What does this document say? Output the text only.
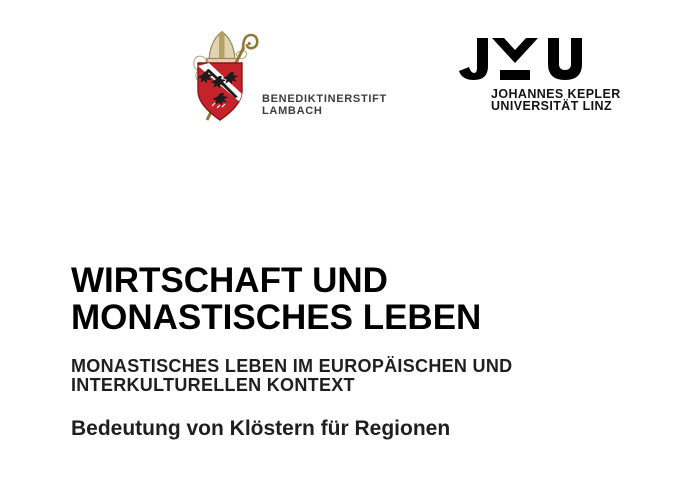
BENEDIKTINERSTIFT
LAMBACH
JOHANNES KEPLER
UNIVERSITÄT LINZ
WIRTSCHAFT UND
MONASTISCHES LEBEN
MONASTISCHES LEBEN IM EUROPÄISCHEN UND
INTERKULTURELLEN KONTEXT
Bedeutung von Klöstern für Regionen
